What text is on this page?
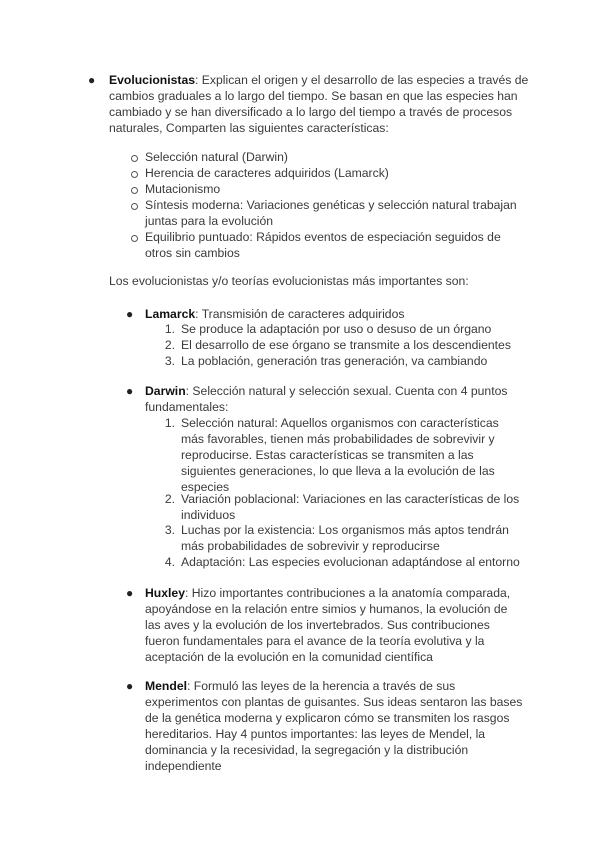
● Evolucionistas: Explican el origen y el desarrollo de las especies a través de

cambios graduales a lo largo del tiempo. Se basan en que las especies han

cambiado y se han diversificado a lo largo del tiempo a través de procesos

naturales, Comparten las siguientes características:

Selección natural (Darwin)

Herencia de caracteres adquiridos (Lamarck)

Mutacionismo

Síntesis moderna: Variaciones genéticas y selección natural trabajan

juntas para la evolución

Equilibrio puntuado: Rápidos eventos de especiación seguidos de

otros sin cambios

Los evolucionistas y/o teorías evolucionistas más importantes son:

● Lamarck: Transmisión de caracteres adquiridos

1. Se produce la adaptación por uso o desuso de un órgano

2. El desarrollo de ese órgano se transmite a los descendientes

3. La población, generación tras generación, va cambiando

● Darwin: Selección natural y selección sexual. Cuenta con 4 puntos

fundamentales:

1. Selección natural: Aquellos organismos con características

más favorables, tienen más probabilidades de sobrevivir y

reproducirse. Estas características se transmiten a las

siguientes generaciones, lo que lleva a la evolución de las

especies

2. Variación poblacional: Variaciones en las características de los

individuos

3. Luchas por la existencia: Los organismos más aptos tendrán

más probabilidades de sobrevivir y reproducirse

4. Adaptación: Las especies evolucionan adaptándose al entorno

● Huxley: Hizo importantes contribuciones a la anatomía comparada,

apoyándose en la relación entre simios y humanos, la evolución de

las aves y la evolución de los invertebrados. Sus contribuciones

fueron fundamentales para el avance de la teoría evolutiva y la

aceptación de la evolución en la comunidad científica

● Mendel: Formuló las leyes de la herencia a través de sus

experimentos con plantas de guisantes. Sus ideas sentaron las bases

de la genética moderna y explicaron cómo se transmiten los rasgos

hereditarios. Hay 4 puntos importantes: las leyes de Mendel, la

dominancia y la recesividad, la segregación y la distribución

independiente
